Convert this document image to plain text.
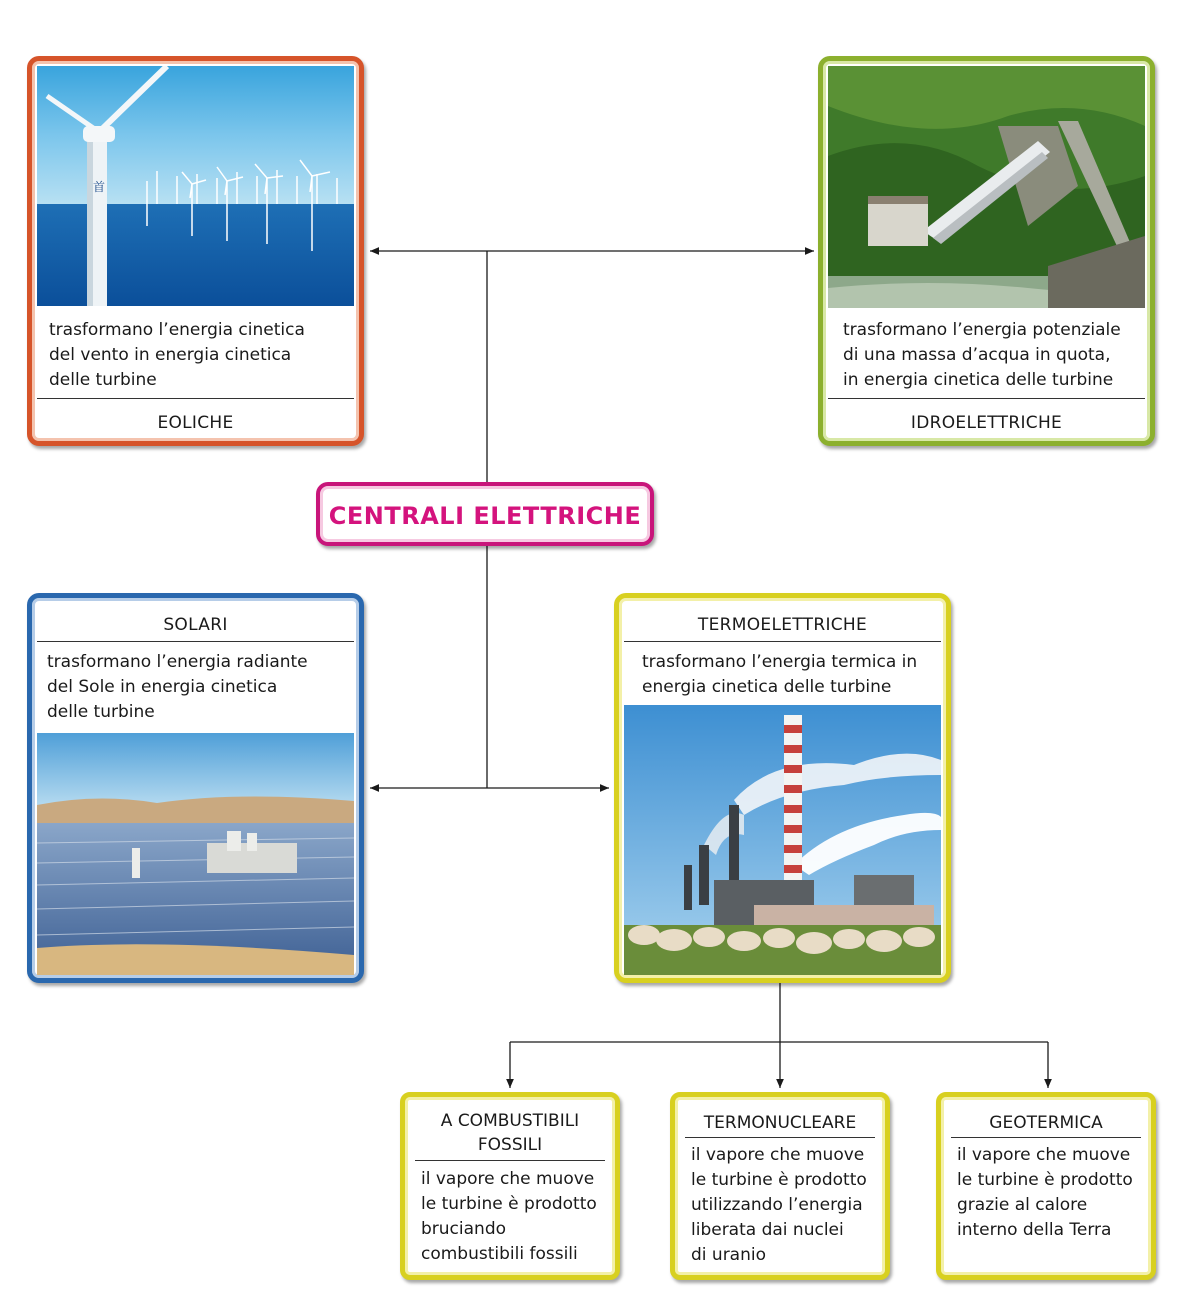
首
trasformano l’energia cinetica
del vento in energia cinetica
delle turbine
EOLICHE
trasformano l’energia potenziale
di una massa d’acqua in quota,
in energia cinetica delle turbine
IDROELETTRICHE
CENTRALI ELETTRICHE
SOLARI
trasformano l’energia radiante
del Sole in energia cinetica
delle turbine
TERMOELETTRICHE
trasformano l’energia termica in
energia cinetica delle turbine
A COMBUSTIBILI
FOSSILI
il vapore che muove
le turbine è prodotto
bruciando
combustibili fossili
TERMONUCLEARE
il vapore che muove
le turbine è prodotto
utilizzando l’energia
liberata dai nuclei
di uranio
GEOTERMICA
il vapore che muove
le turbine è prodotto
grazie al calore
interno della Terra
